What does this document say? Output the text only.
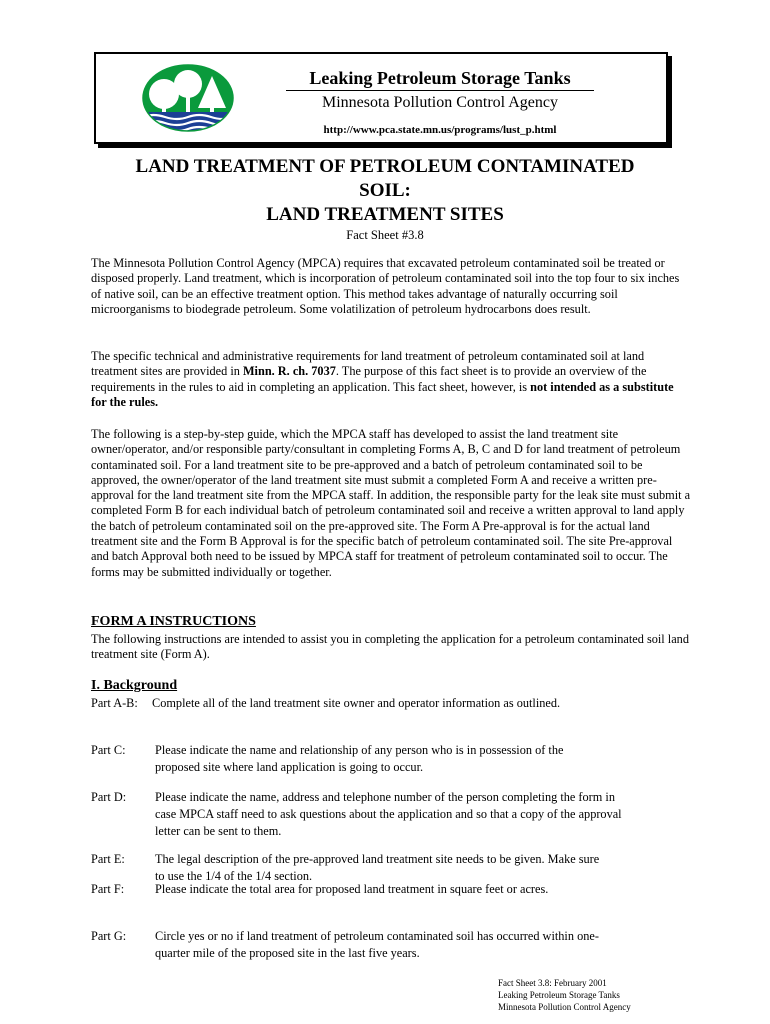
Leaking Petroleum Storage Tanks
Minnesota Pollution Control Agency
http://www.pca.state.mn.us/programs/lust_p.html
LAND TREATMENT OF PETROLEUM CONTAMINATED
SOIL:
LAND TREATMENT SITES
Fact Sheet #3.8

The Minnesota Pollution Control Agency (MPCA) requires that excavated petroleum contaminated soil be treated or disposed properly. Land treatment, which is incorporation of petroleum contaminated soil into the top four to six inches of native soil, can be an effective treatment option. This method takes advantage of naturally occurring soil microorganisms to biodegrade petroleum. Some volatilization of petroleum hydrocarbons does result.

The specific technical and administrative requirements for land treatment of petroleum contaminated soil at land treatment sites are provided in Minn. R. ch. 7037. The purpose of this fact sheet is to provide an overview of the requirements in the rules to aid in completing an application. This fact sheet, however, is not intended as a substitute for the rules.

The following is a step-by-step guide, which the MPCA staff has developed to assist the land treatment site owner/operator, and/or responsible party/consultant in completing Forms A, B, C and D for land treatment of petroleum contaminated soil. For a land treatment site to be pre-approved and a batch of petroleum contaminated soil to be approved, the owner/operator of the land treatment site must submit a completed Form A and receive a written pre-approval for the land treatment site from the MPCA staff. In addition, the responsible party for the leak site must submit a completed Form B for each individual batch of petroleum contaminated soil and receive a written approval to land apply the batch of petroleum contaminated soil on the pre-approved site. The Form A Pre-approval is for the actual land treatment site and the Form B Approval is for the specific batch of petroleum contaminated soil. The site Pre-approval and batch Approval both need to be issued by MPCA staff for treatment of petroleum contaminated soil to occur. The forms may be submitted individually or together.

FORM A INSTRUCTIONS

The following instructions are intended to assist you in completing the application for a petroleum contaminated soil land treatment site (Form A).

I. Background
Part A-B: Complete all of the land treatment site owner and operator information as outlined.
Part C: Please indicate the name and relationship of any person who is in possession of the proposed site where land application is going to occur.
Part D: Please indicate the name, address and telephone number of the person completing the form in case MPCA staff need to ask questions about the application and so that a copy of the approval letter can be sent to them.
Part E: The legal description of the pre-approved land treatment site needs to be given. Make sure to use the 1/4 of the 1/4 section.
Part F:	Please indicate the total area for proposed land treatment in square feet or acres.
Part G: Circle yes or no if land treatment of petroleum contaminated soil has occurred within one-quarter mile of the proposed site in the last five years.
Fact Sheet 3.8: February 2001
Leaking Petroleum Storage Tanks
Minnesota Pollution Control Agency
